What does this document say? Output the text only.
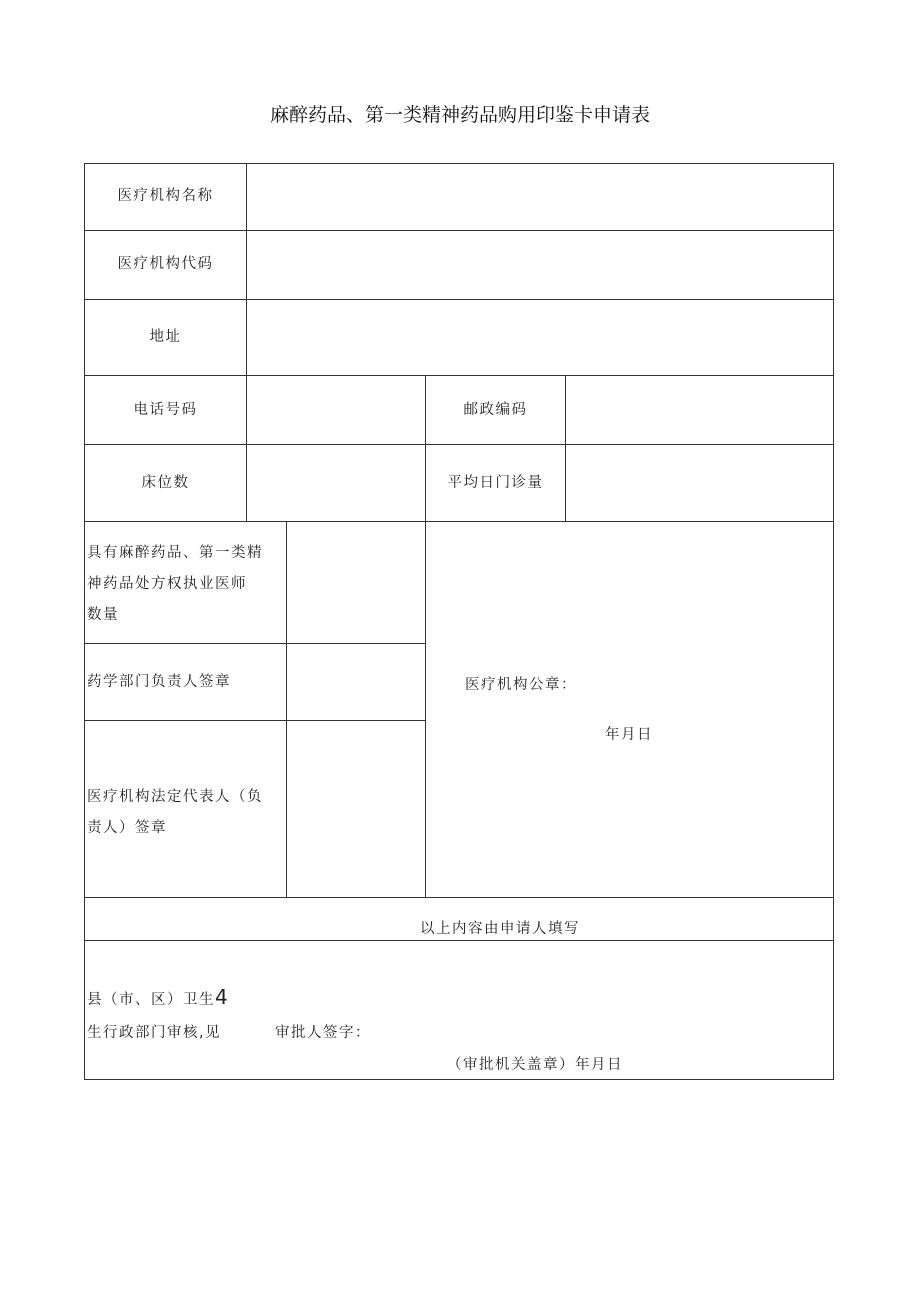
麻醉药品、第一类精神药品购用印鉴卡申请表
医疗机构名称
医疗机构代码
地址
电话号码	邮政编码
床位数	平均日门诊量
具有麻醉药品、第一类精
神药品处方权执业医师
数量
药学部门负责人签章
医疗机构法定代表人（负
责人）签章
医疗机构公章：
年月日
以上内容由申请人填写
县（市、区）卫生4
生行政部门审核,见	审批人签字：
（审批机关盖章）年月日
